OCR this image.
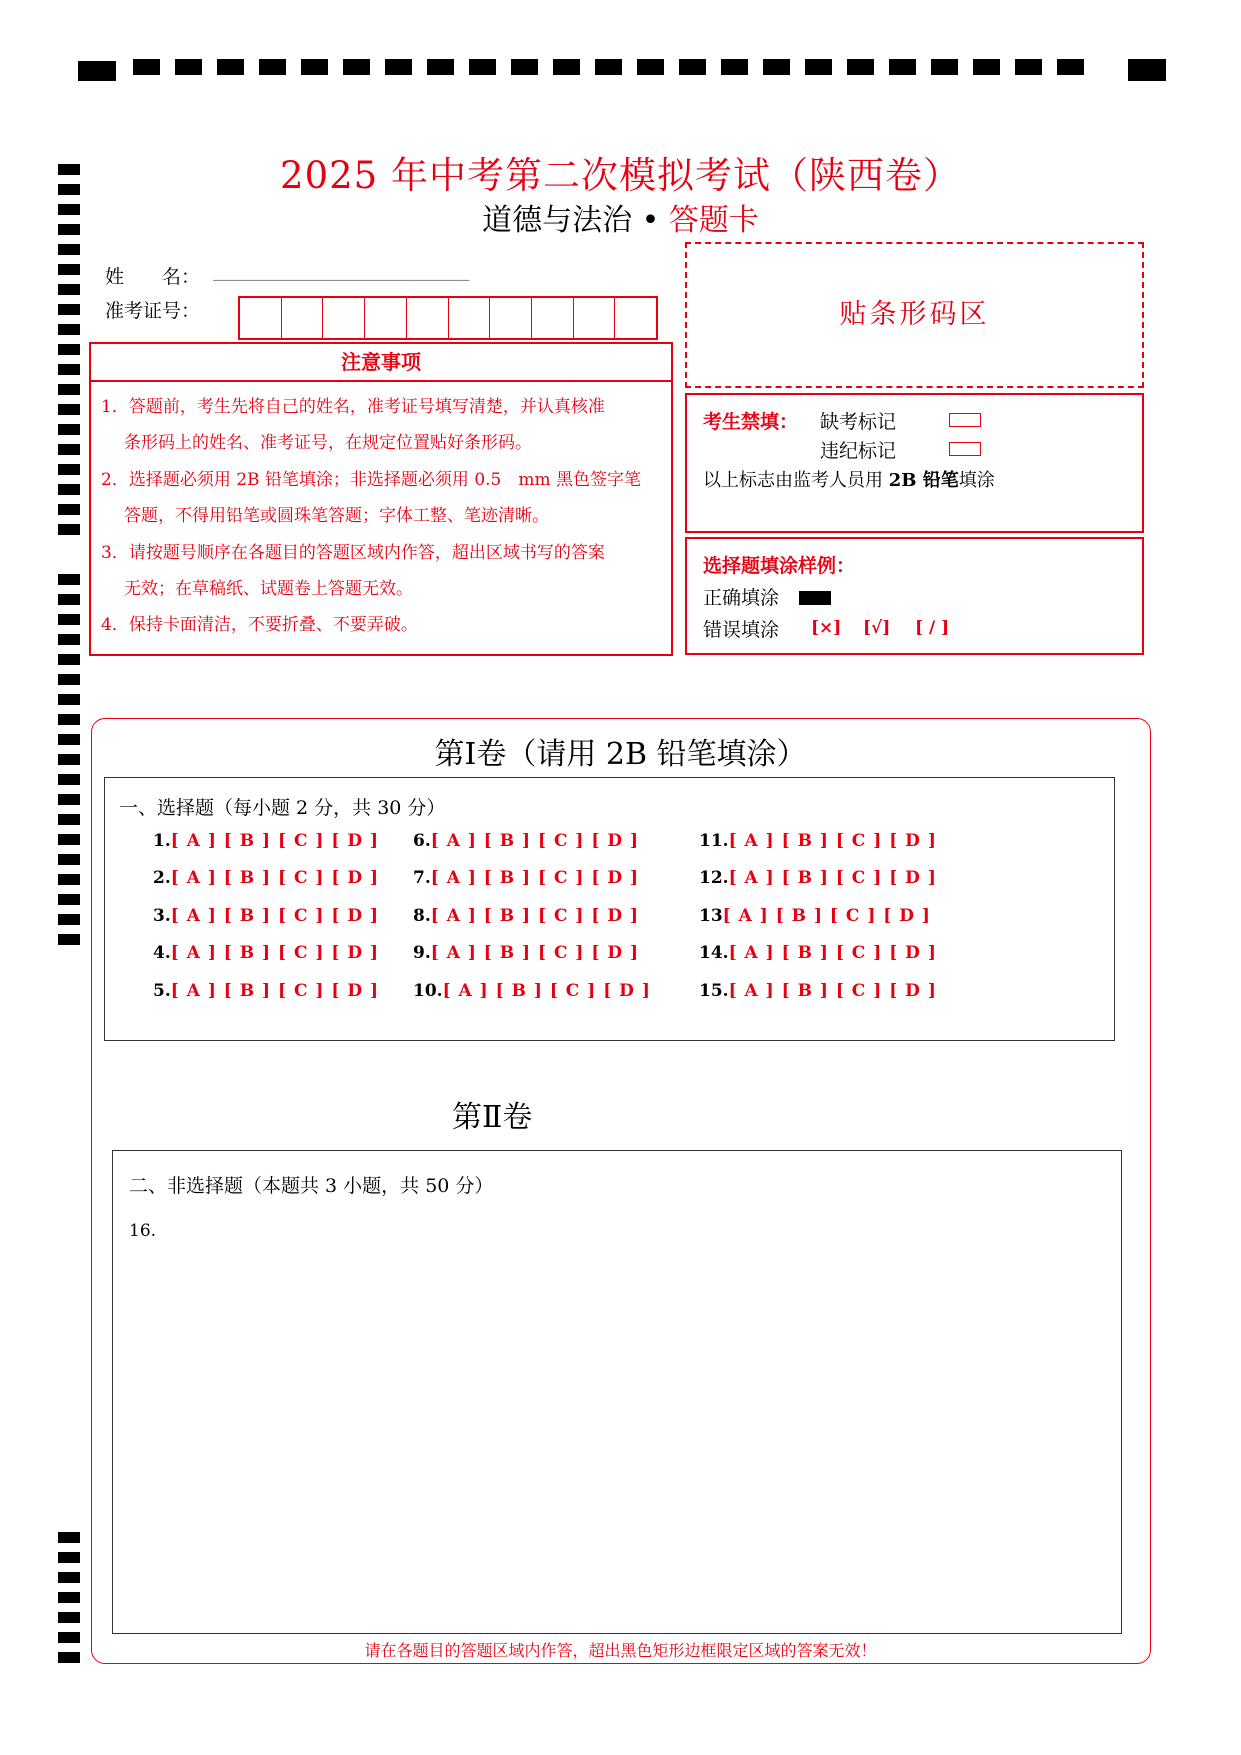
2025 年中考第二次模拟考试（陕西卷）
道德与法治 • 答题卡
姓　　名： ___________________________
准考证号：
注意事项
1．答题前，考生先将自己的姓名，准考证号填写清楚，并认真核准
条形码上的姓名、准考证号，在规定位置贴好条形码。
2．选择题必须用 2B 铅笔填涂；非选择题必须用 0.5　mm 黑色签字笔
答题，不得用铅笔或圆珠笔答题；字体工整、笔迹清晰。
3．请按题号顺序在各题目的答题区域内作答，超出区域书写的答案
无效；在草稿纸、试题卷上答题无效。
4．保持卡面清洁，不要折叠、不要弄破。
贴条形码区
考生禁填： 缺考标记
违纪标记
以上标志由监考人员用 2B 铅笔填涂
选择题填涂样例：
正确填涂
错误填涂 [×] [√] [ / ]
第Ⅰ卷（请用 2B 铅笔填涂）
一、选择题（每小题 2 分，共 30 分）
1.[ A ] [ B ] [ C ] [ D ]
2.[ A ] [ B ] [ C ] [ D ]
3.[ A ] [ B ] [ C ] [ D ]
4.[ A ] [ B ] [ C ] [ D ]
5.[ A ] [ B ] [ C ] [ D ]
6.[ A ] [ B ] [ C ] [ D ]
7.[ A ] [ B ] [ C ] [ D ]
8.[ A ] [ B ] [ C ] [ D ]
9.[ A ] [ B ] [ C ] [ D ]
10.[ A ] [ B ] [ C ] [ D ]
11.[ A ] [ B ] [ C ] [ D ]
12.[ A ] [ B ] [ C ] [ D ]
13[ A ] [ B ] [ C ] [ D ]
14.[ A ] [ B ] [ C ] [ D ]
15.[ A ] [ B ] [ C ] [ D ]
第Ⅱ卷
二、非选择题（本题共 3 小题，共 50 分）
16.
请在各题目的答题区域内作答，超出黑色矩形边框限定区域的答案无效！
